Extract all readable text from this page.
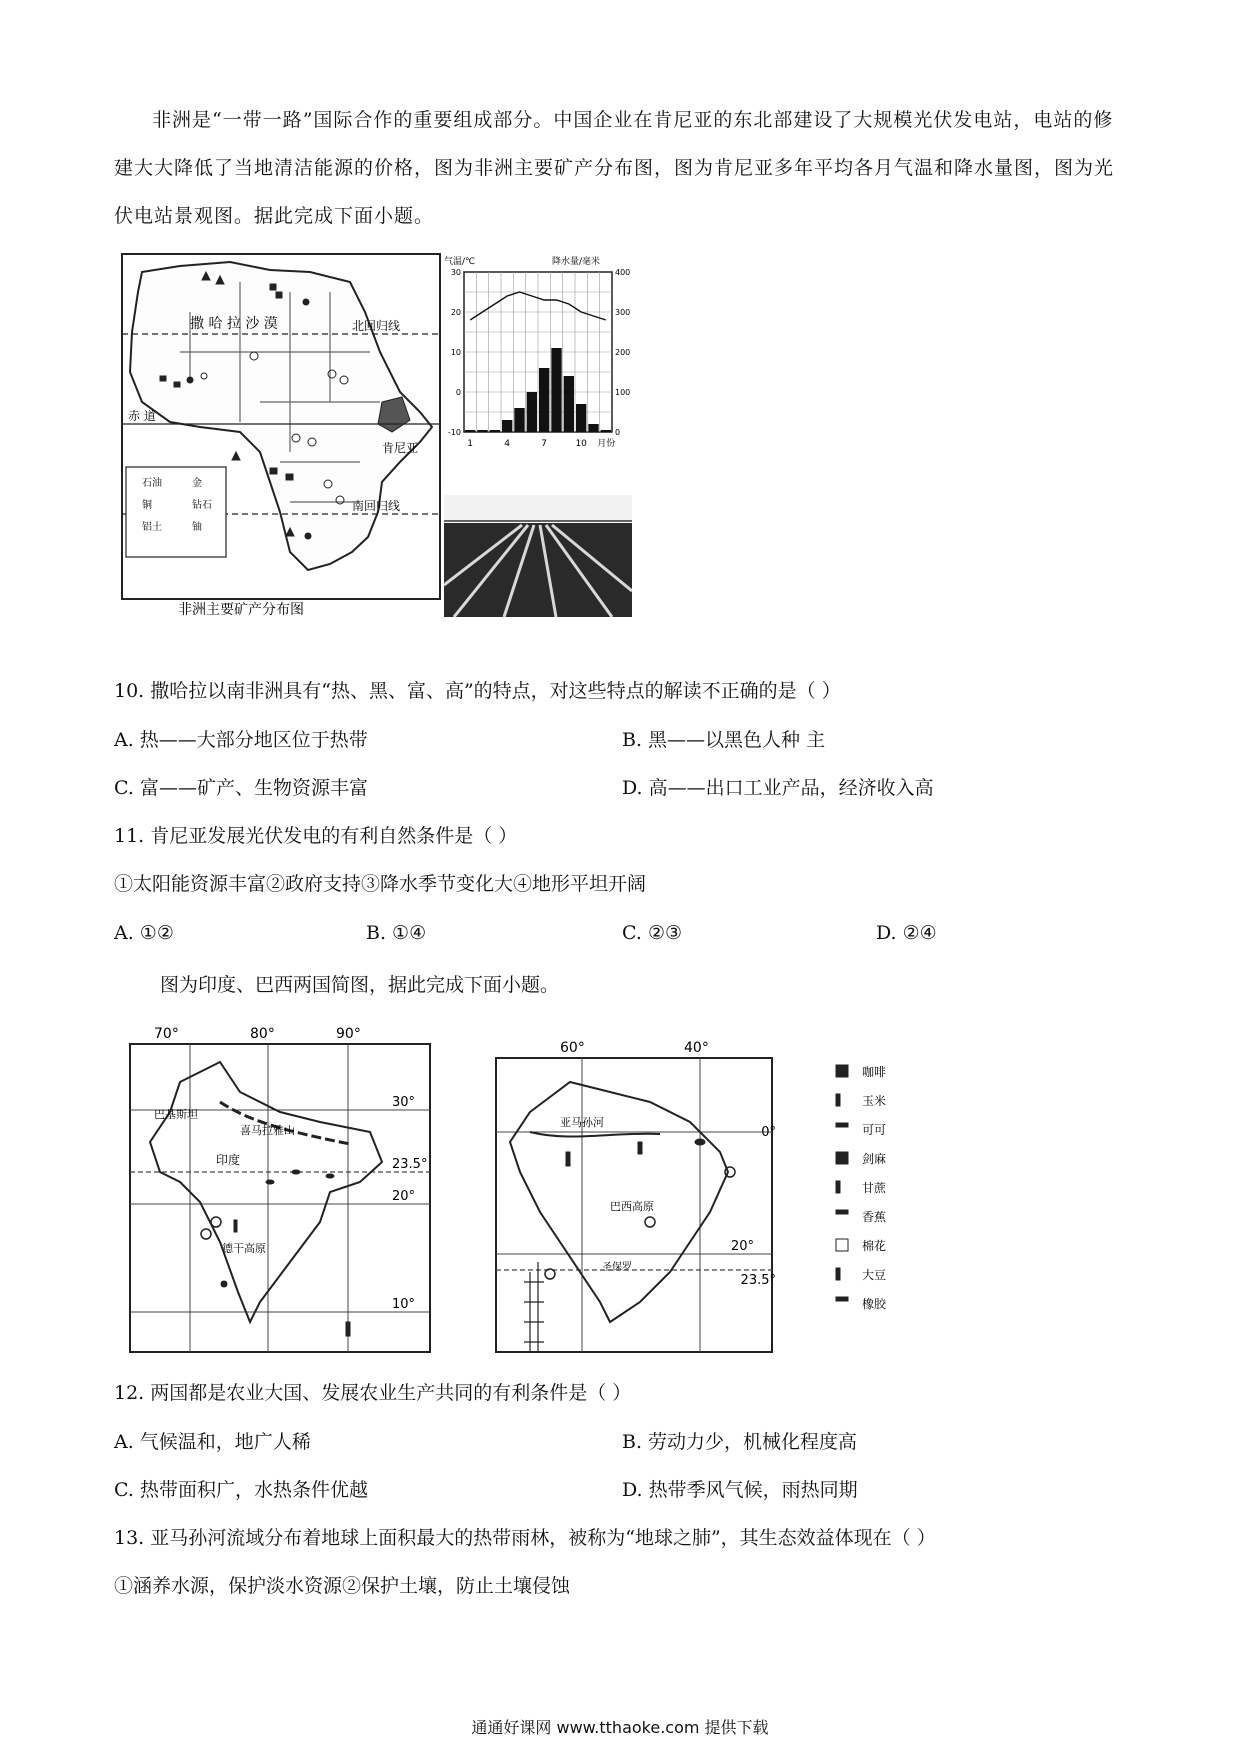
非洲是“一带一路”国际合作的重要组成部分。中国企业在肯尼亚的东北部建设了大规模光伏发电站，电站的修建大大降低了当地清洁能源的价格，图为非洲主要矿产分布图，图为肯尼亚多年平均各月气温和降水量图，图为光伏电站景观图。据此完成下面小题。

撒 哈 拉 沙 漠	北回归线
赤 道
肯尼亚
南回归线
石油	金
铜	钻石
铝土	铀
非洲主要矿产分布图
气温/℃	降水量/毫米
30
20
10
0
-10
400
300
200
100
0
1	4	7	10 月份

10. 撒哈拉以南非洲具有“热、黑、富、高”的特点，对这些特点的解读不正确的是（ ）

A. 热——大部分地区位于热带	B. 黑——以黑色人种 主

C. 富——矿产、生物资源丰富	D. 高——出口工业产品，经济收入高

11. 肯尼亚发展光伏发电的有利自然条件是（ ）

①太阳能资源丰富②政府支持③降水季节变化大④地形平坦开阔

A. ①②	B. ①④	C. ②③	D. ②④

图为印度、巴西两国简图，据此完成下面小题。

70°	80°	90°
30°
23.5°
20°
10°
巴基斯坦
喜马拉雅山
印度
德干高原
60°	40°
0°
20°
23.5°
亚马孙河
巴西高原
圣保罗
咖啡
玉米
可可
剑麻
甘蔗
香蕉
棉花
大豆
橡胶

12. 两国都是农业大国、发展农业生产共同的有利条件是（ ）

A. 气候温和，地广人稀	B. 劳动力少，机械化程度高

C. 热带面积广，水热条件优越	D. 热带季风气候，雨热同期

13. 亚马孙河流域分布着地球上面积最大的热带雨林，被称为“地球之肺”，其生态效益体现在（ ）

①涵养水源，保护淡水资源②保护土壤，防止土壤侵蚀

通通好课网 www.tthaoke.com 提供下载
